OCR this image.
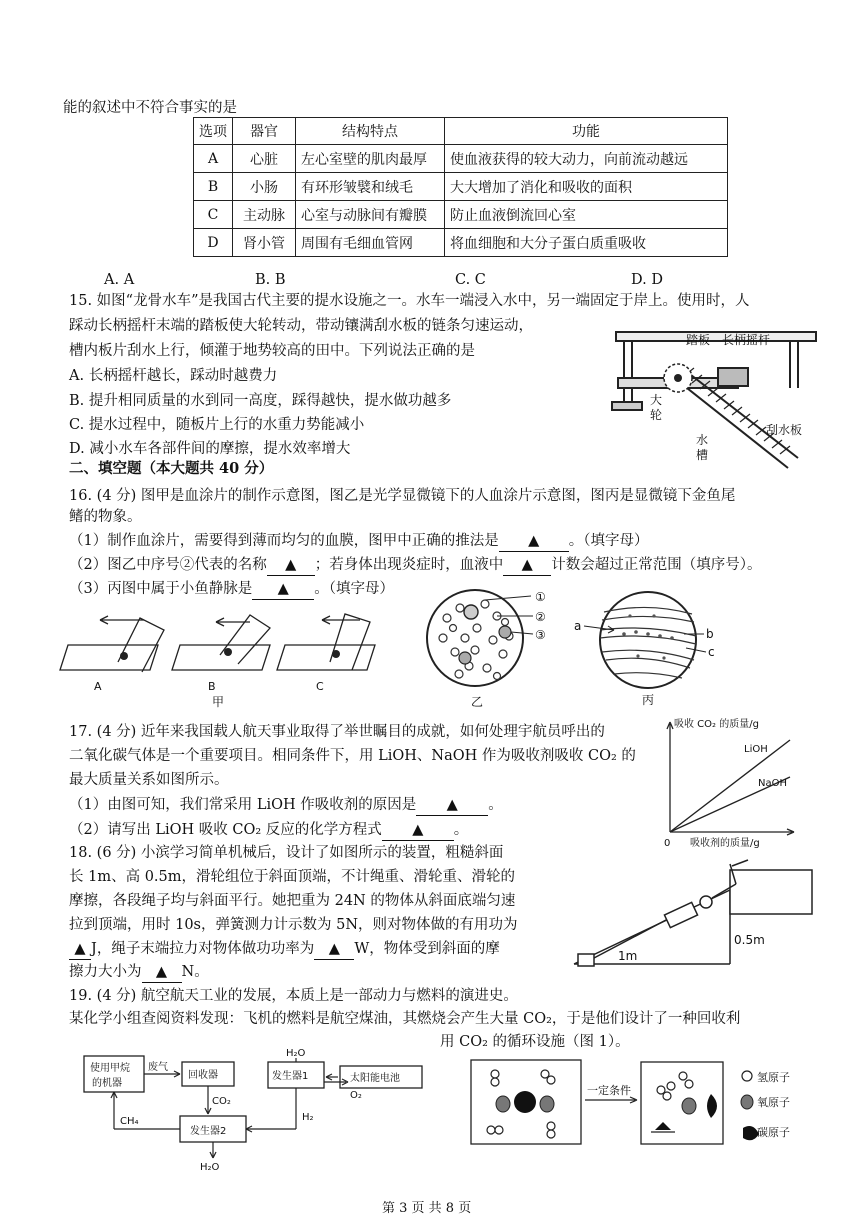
能的叙述中不符合事实的是
选项	器官	结构特点	功能
A	心脏	左心室壁的肌肉最厚	使血液获得的较大动力，向前流动越远
B	小肠	有环形皱襞和绒毛	大大增加了消化和吸收的面积
C	主动脉	心室与动脉间有瓣膜	防止血液倒流回心室
D	肾小管	周围有毛细血管网	将血细胞和大分子蛋白质重吸收
A. A	B. B	C. C	D. D
15. 如图“龙骨水车”是我国古代主要的提水设施之一。水车一端浸入水中，另一端固定于岸上。使用时，人
踩动长柄摇杆末端的踏板使大轮转动，带动镶满刮水板的链条匀速运动，
槽内板片刮水上行，倾灌于地势较高的田中。下列说法正确的是
A. 长柄摇杆越长，踩动时越费力
B. 提升相同质量的水到同一高度，踩得越快，提水做功越多
C. 提水过程中，随板片上行的水重力势能减小
D. 减小水车各部件间的摩擦，提水效率增大
踏板 长柄摇杆
大
轮
水
槽
刮水板
二、填空题（本大题共 40 分）
16. (4 分) 图甲是血涂片的制作示意图，图乙是光学显微镜下的人血涂片示意图，图丙是显微镜下金鱼尾
鳍的物象。
（1）制作血涂片，需要得到薄而均匀的血膜，图甲中正确的推法是 ▲ 。（填字母）
（2）图乙中序号②代表的名称 ▲ ；若身体出现炎症时，血液中 ▲ 计数会超过正常范围（填序号）。
（3）丙图中属于小鱼静脉是 ▲ 。（填字母）
A	B	C
甲
①
②
③
乙
a
b
c
丙
17. (4 分) 近年来我国载人航天事业取得了举世瞩目的成就，如何处理宇航员呼出的
二氧化碳气体是一个重要项目。相同条件下，用 LiOH、NaOH 作为吸收剂吸收 CO₂ 的
最大质量关系如图所示。
（1）由图可知，我们常采用 LiOH 作吸收剂的原因是 ▲ 。
（2）请写出 LiOH 吸收 CO₂ 反应的化学方程式 ▲ 。
吸收 CO₂ 的质量/g
0 吸收剂的质量/g
LiOH
NaOH
18. (6 分) 小滨学习简单机械后，设计了如图所示的装置，粗糙斜面
长 1m、高 0.5m，滑轮组位于斜面顶端，不计绳重、滑轮重、滑轮的
摩擦，各段绳子均与斜面平行。她把重为 24N 的物体从斜面底端匀速
拉到顶端，用时 10s，弹簧测力计示数为 5N，则对物体做的有用功为
▲ J，绳子末端拉力对物体做功功率为 ▲ W，物体受到斜面的摩
擦力大小为 ▲ N。
1m
0.5m
19. (4 分) 航空航天工业的发展，本质上是一部动力与燃料的演进史。
某化学小组查阅资料发现：飞机的燃料是航空煤油，其燃烧会产生大量 CO₂，于是他们设计了一种回收利
用 CO₂ 的循环设施（图 1）。
使用甲烷
的机器
废气
回收器
CO₂
CH₄
发生器2
H₂O
H₂O
发生器1	太阳能电池
O₂
H₂
一定条件
氢原子
氧原子
碳原子
第 3 页 共 8 页
